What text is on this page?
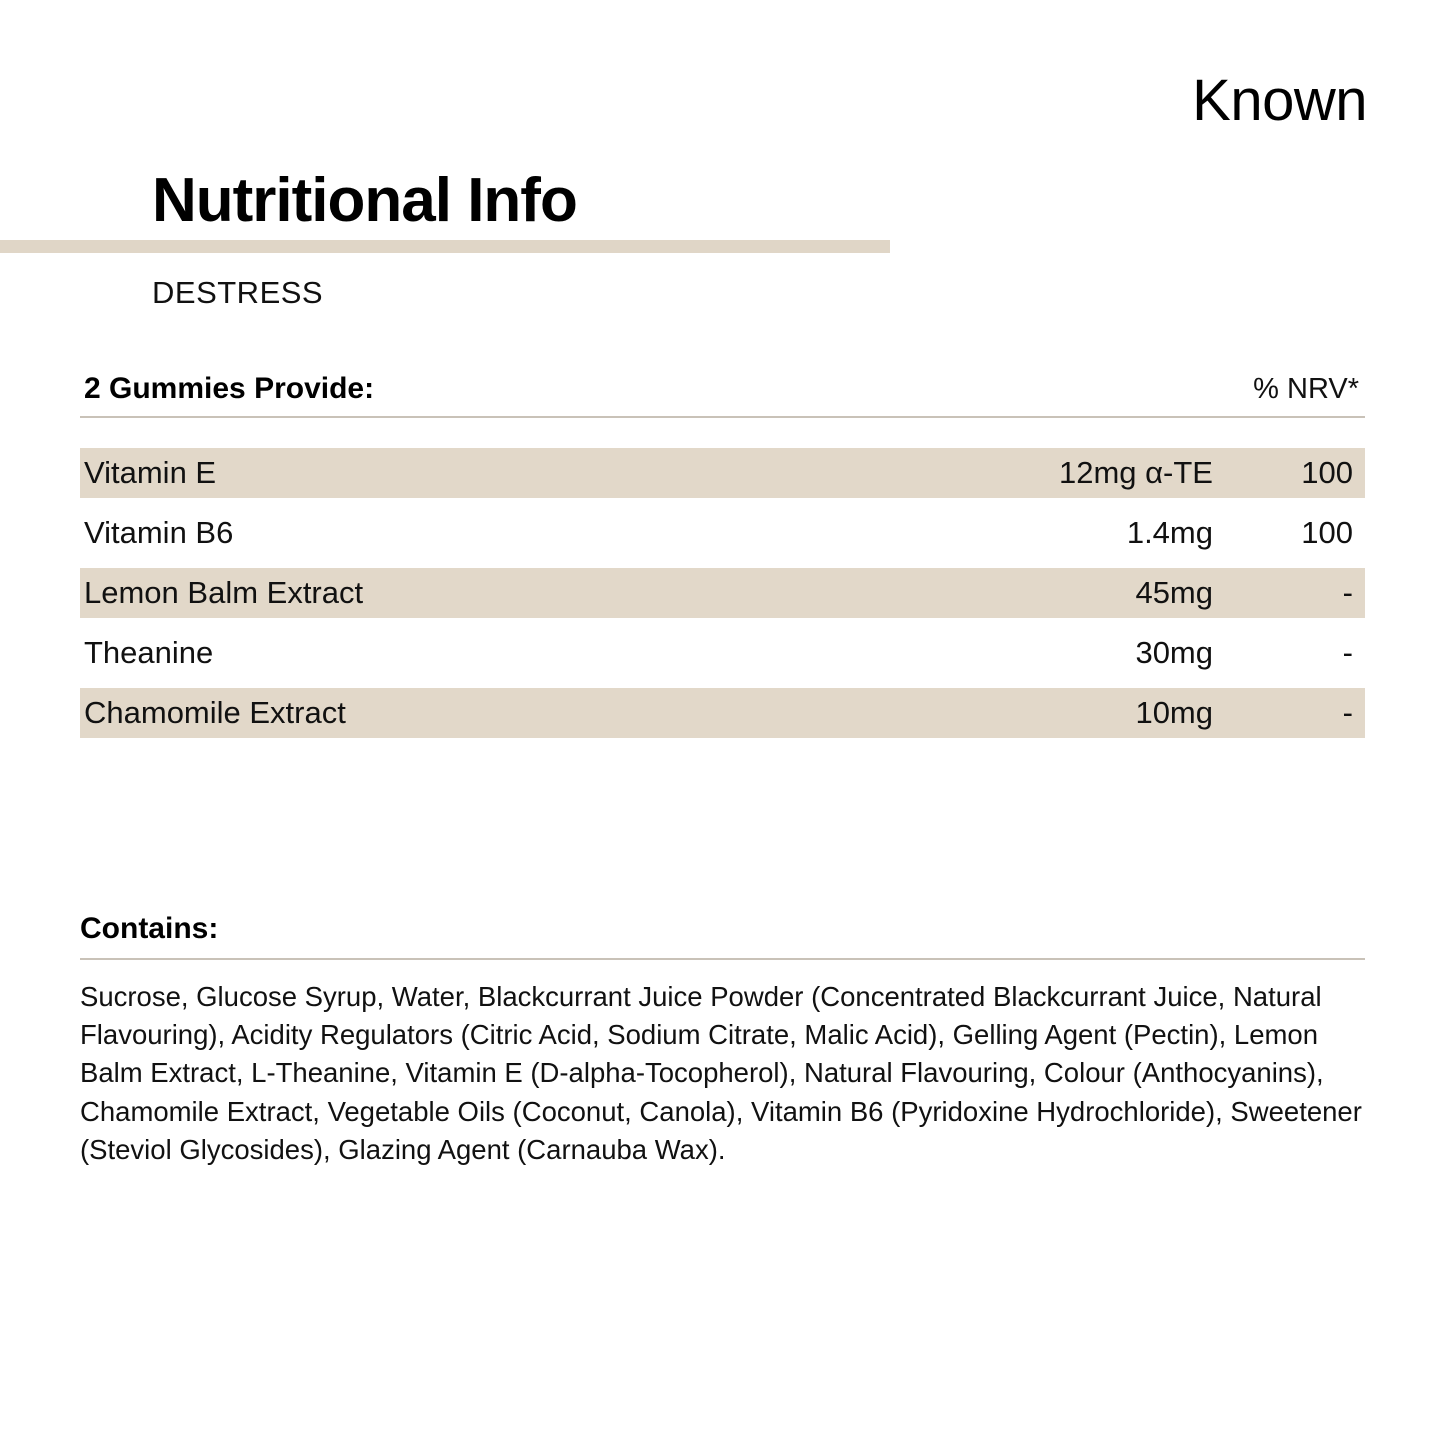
Known
Nutritional Info
DESTRESS
2 Gummies Provide:	% NRV*
Vitamin E	12mg α-TE	100
Vitamin B6	1.4mg	100
Lemon Balm Extract	45mg	-
Theanine	30mg	-
Chamomile Extract	10mg	-
Contains:
Sucrose, Glucose Syrup, Water, Blackcurrant Juice Powder (Concentrated Blackcurrant Juice, Natural Flavouring), Acidity Regulators (Citric Acid, Sodium Citrate, Malic Acid), Gelling Agent (Pectin), Lemon Balm Extract, L-Theanine, Vitamin E (D-alpha-Tocopherol), Natural Flavouring, Colour (Anthocyanins), Chamomile Extract, Vegetable Oils (Coconut, Canola), Vitamin B6 (Pyridoxine Hydrochloride), Sweetener (Steviol Glycosides), Glazing Agent (Carnauba Wax).
